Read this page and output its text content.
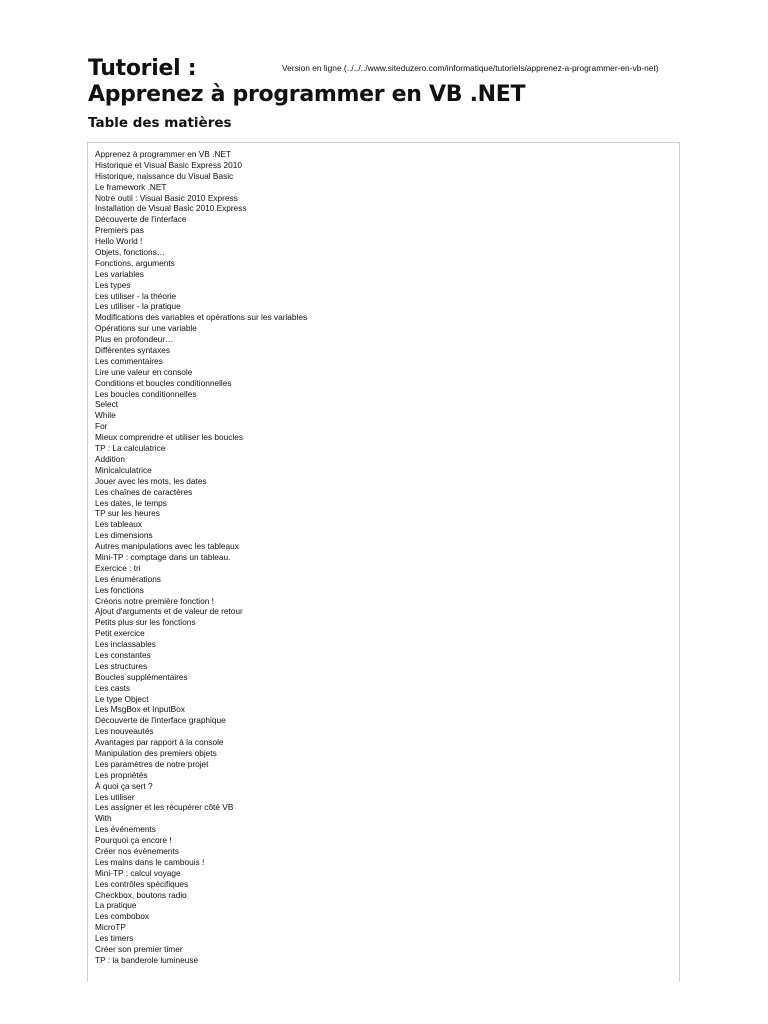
Tutoriel :
Apprenez à programmer en VB .NET
Version en ligne (../../../www.siteduzero.com/informatique/tutoriels/apprenez-a-programmer-en-vb-net)
Table des matières
Apprenez à programmer en VB .NET
Historique et Visual Basic Express 2010
Historique, naissance du Visual Basic
Le framework .NET
Notre outil : Visual Basic 2010 Express
Installation de Visual Basic 2010 Express
Découverte de l'interface
Premiers pas
Hello World !
Objets, fonctions…
Fonctions, arguments
Les variables
Les types
Les utiliser - la théorie
Les utiliser - la pratique
Modifications des variables et opérations sur les variables
Opérations sur une variable
Plus en profondeur…
Différentes syntaxes
Les commentaires
Lire une valeur en console
Conditions et boucles conditionnelles
Les boucles conditionnelles
Select
While
For
Mieux comprendre et utiliser les boucles
TP : La calculatrice
Addition
Minicalculatrice
Jouer avec les mots, les dates
Les chaînes de caractères
Les dates, le temps
TP sur les heures
Les tableaux
Les dimensions
Autres manipulations avec les tableaux
Mini-TP : comptage dans un tableau.
Exercice : tri
Les énumérations
Les fonctions
Créons notre première fonction !
Ajout d'arguments et de valeur de retour
Petits plus sur les fonctions
Petit exercice
Les inclassables
Les constantes
Les structures
Boucles supplémentaires
Les casts
Le type Object
Les MsgBox et InputBox
Découverte de l'interface graphique
Les nouveautés
Avantages par rapport à la console
Manipulation des premiers objets
Les paramètres de notre projet
Les propriétés
À quoi ça sert ?
Les utiliser
Les assigner et les récupérer côté VB
With
Les événements
Pourquoi ça encore !
Créer nos évènements
Les mains dans le cambouis !
Mini-TP : calcul voyage
Les contrôles spécifiques
Checkbox, boutons radio
La pratique
Les combobox
MicroTP
Les timers
Créer son premier timer
TP : la banderole lumineuse
